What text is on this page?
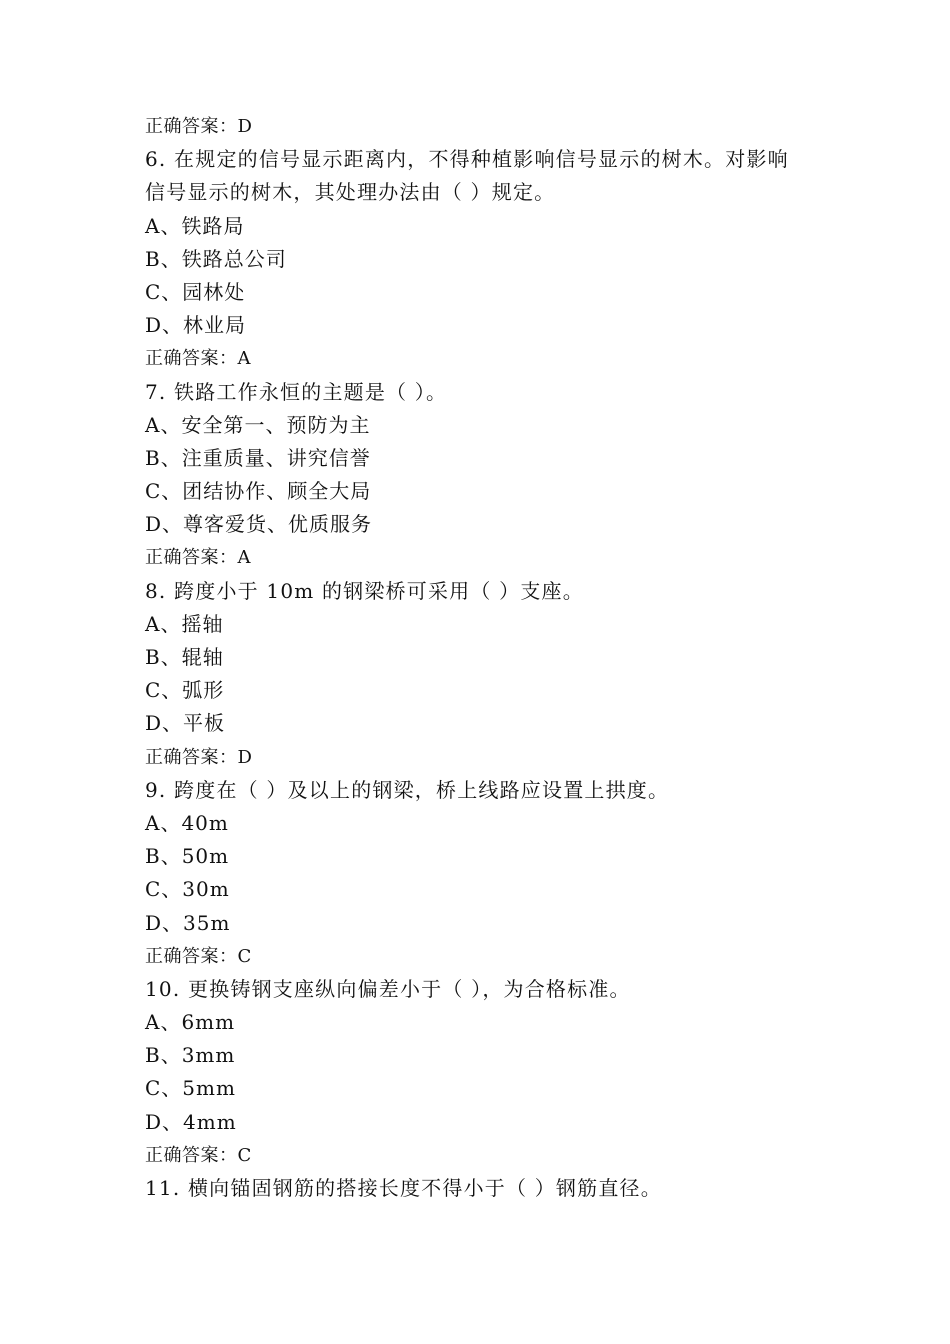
正确答案：D
6. 在规定的信号显示距离内，不得种植影响信号显示的树木。对影响
信号显示的树木，其处理办法由（ ）规定。
A、铁路局
B、铁路总公司
C、园林处
D、林业局
正确答案：A
7. 铁路工作永恒的主题是（ ）。
A、安全第一、预防为主
B、注重质量、讲究信誉
C、团结协作、顾全大局
D、尊客爱货、优质服务
正确答案：A
8. 跨度小于 10m 的钢梁桥可采用（ ）支座。
A、摇轴
B、辊轴
C、弧形
D、平板
正确答案：D
9. 跨度在（ ）及以上的钢梁，桥上线路应设置上拱度。
A、40m
B、50m
C、30m
D、35m
正确答案：C
10. 更换铸钢支座纵向偏差小于（ ），为合格标准。
A、6mm
B、3mm
C、5mm
D、4mm
正确答案：C
11. 横向锚固钢筋的搭接长度不得小于（ ）钢筋直径。
